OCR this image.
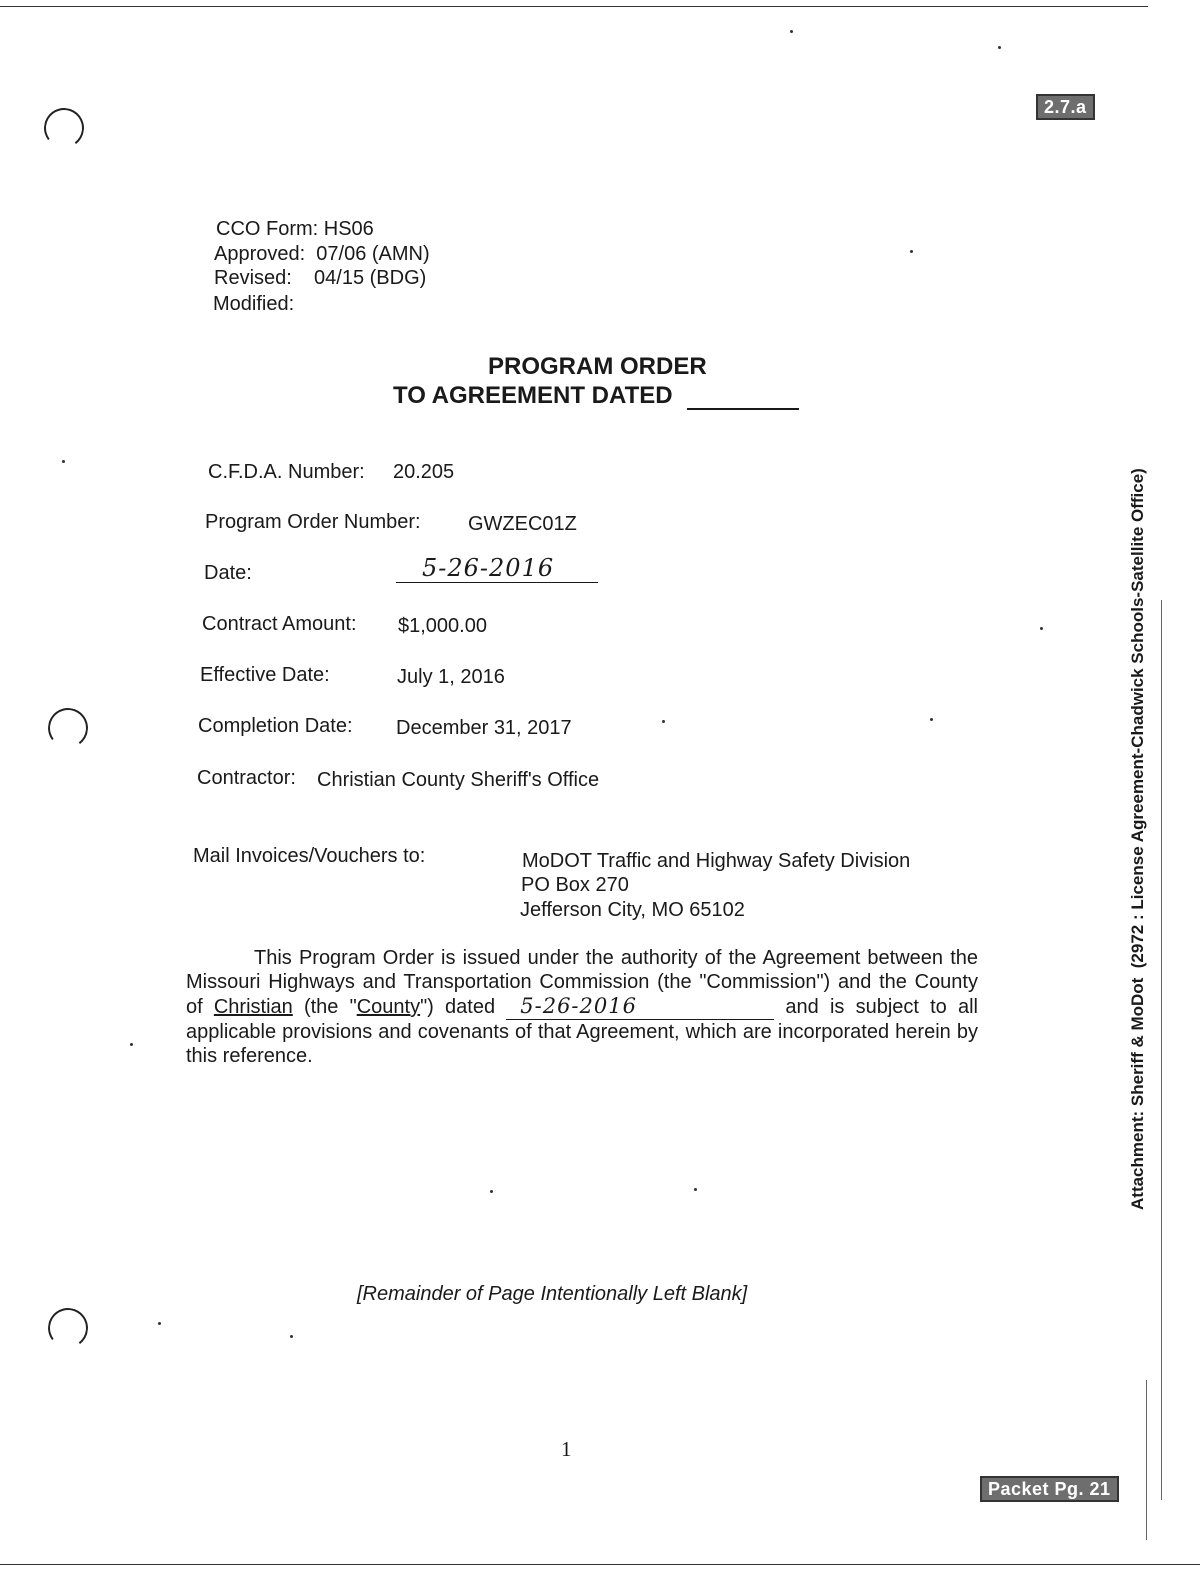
2.7.a
Packet Pg. 21
CCO Form: HS06
Approved:  07/06 (AMN)
Revised:    04/15 (BDG)
Modified:
PROGRAM ORDER
TO AGREEMENT DATED
C.F.D.A. Number: 20.205
Program Order Number: GWZEC01Z
Date:	5-26-2016
Contract Amount: $1,000.00
Effective Date:	July 1, 2016
Completion Date: December 31, 2017
Contractor: Christian County Sheriff's Office
Mail Invoices/Vouchers to:	MoDOT Traffic and Highway Safety Division
PO Box 270
Jefferson City, MO 65102

This Program Order is issued under the authority of the Agreement between the Missouri Highways and Transportation Commission (the "Commission") and the County of Christian (the "County") dated 5-26-2016	and is subject to all applicable provisions and covenants of that Agreement, which are incorporated herein by this reference.

[Remainder of Page Intentionally Left Blank]
1
Attachment: Sheriff & MoDot  (2972 : License Agreement-Chadwick Schools-Satellite Office)
